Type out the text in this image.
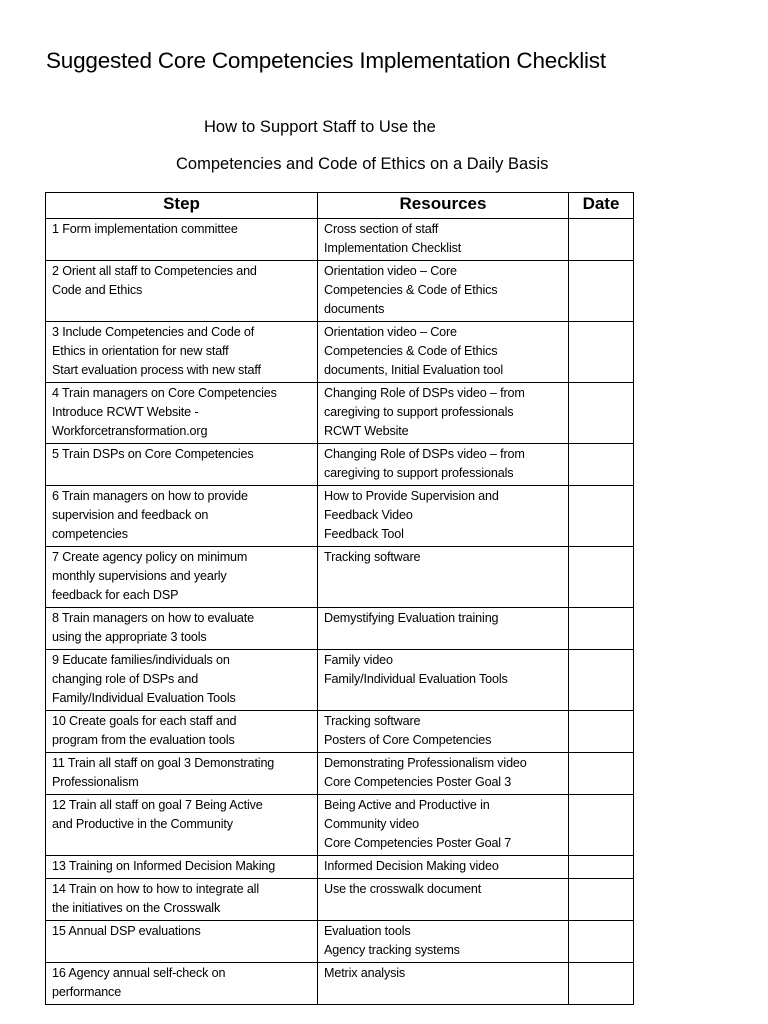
Suggested Core Competencies Implementation Checklist
How to Support Staff to Use the
Competencies and Code of Ethics on a Daily Basis
Step	Resources	Date

1 Form implementation committee	Cross section of staff
Implementation Checklist	

2 Orient all staff to Competencies and
Code and Ethics	Orientation video – Core
Competencies & Code of Ethics
documents	

3 Include Competencies and Code of
Ethics in orientation for new staff
Start evaluation process with new staff	Orientation video – Core
Competencies & Code of Ethics
documents, Initial Evaluation tool	

4 Train managers on Core Competencies
Introduce RCWT Website -
Workforcetransformation.org	Changing Role of DSPs video – from
caregiving to support professionals
RCWT Website	

5 Train DSPs on Core Competencies	Changing Role of DSPs video – from
caregiving to support professionals	

6 Train managers on how to provide
supervision and feedback on
competencies	How to Provide Supervision and
Feedback Video
Feedback Tool	

7 Create agency policy on minimum
monthly supervisions and yearly
feedback for each DSP	Tracking software	

8 Train managers on how to evaluate
using the appropriate 3 tools	Demystifying Evaluation training	

9 Educate families/individuals on
changing role of DSPs and
Family/Individual Evaluation Tools	Family video
Family/Individual Evaluation Tools	

10 Create goals for each staff and
program from the evaluation tools	Tracking software
Posters of Core Competencies	

11 Train all staff on goal 3 Demonstrating
Professionalism	Demonstrating Professionalism video
Core Competencies Poster Goal 3	

12 Train all staff on goal 7 Being Active
and Productive in the Community	Being Active and Productive in
Community video
Core Competencies Poster Goal 7	

13 Training on Informed Decision Making	Informed Decision Making video	

14 Train on how to how to integrate all
the initiatives on the Crosswalk	Use the crosswalk document	

15 Annual DSP evaluations	Evaluation tools
Agency tracking systems	

16 Agency annual self-check on
performance	Metrix analysis	
